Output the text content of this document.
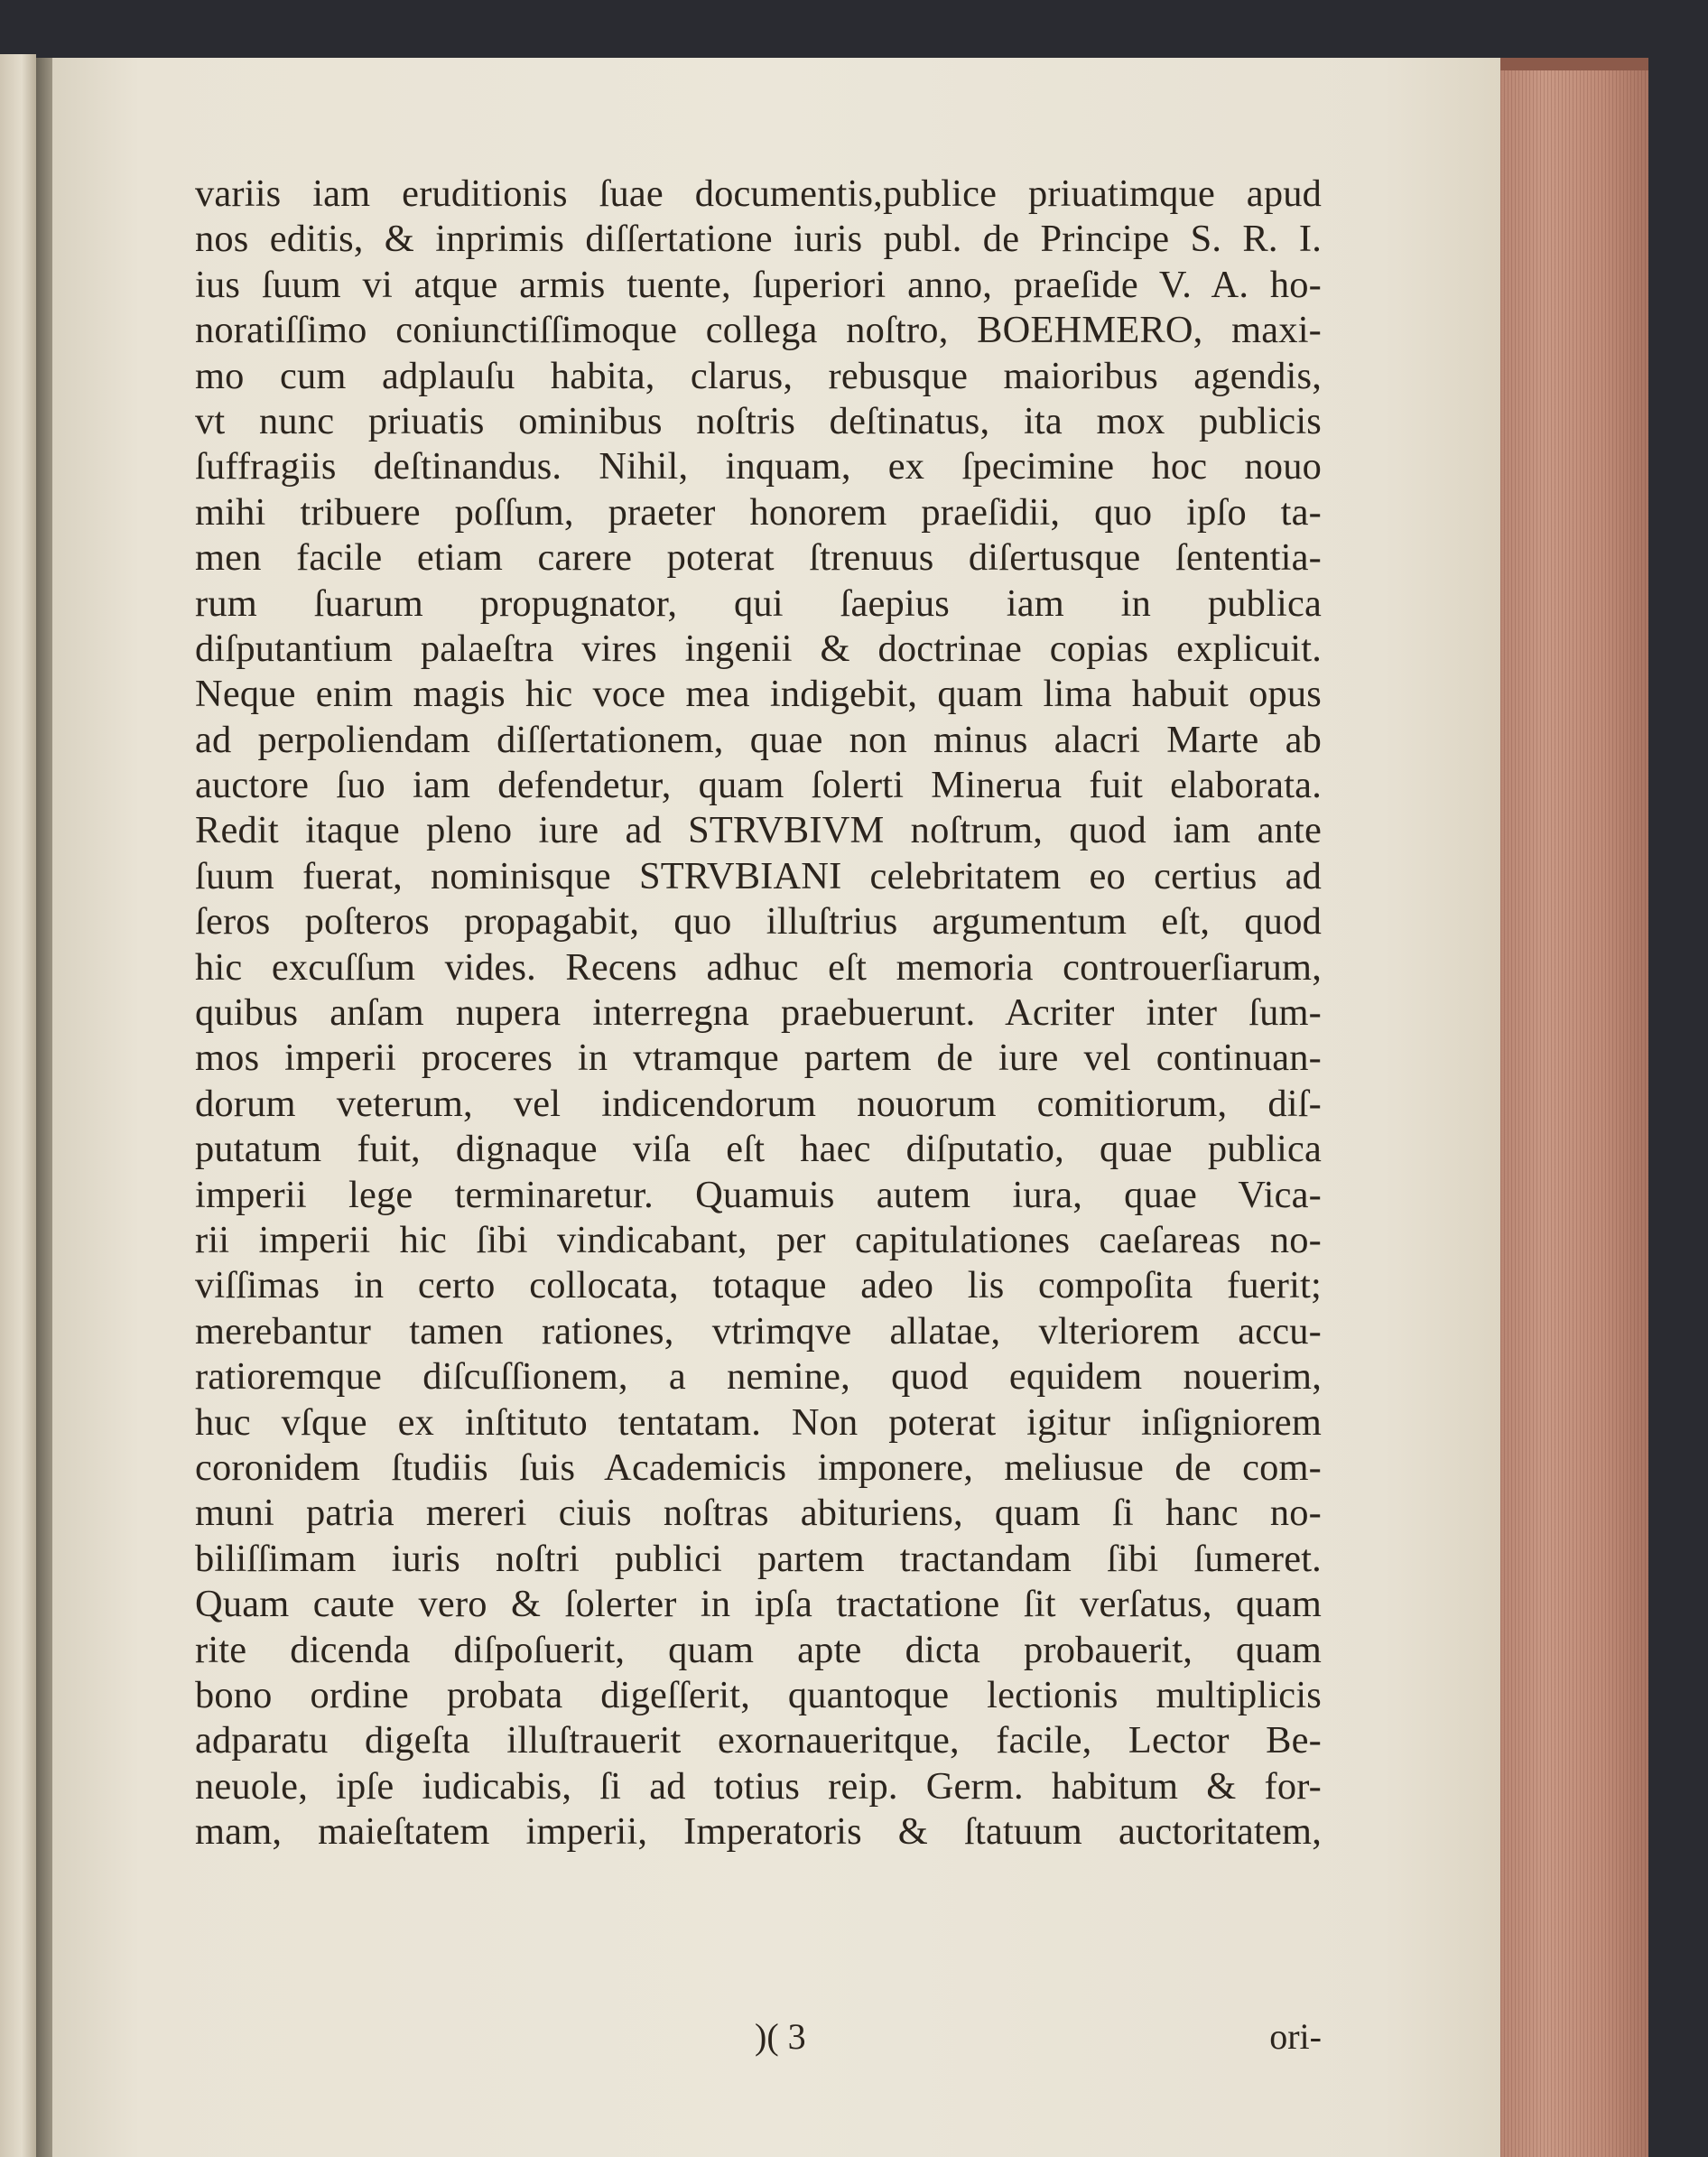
variis iam eruditionis ſuae documentis,publice priuatimque apud
nos editis, & inprimis diſſertatione iuris publ. de Principe S. R. I.
ius ſuum vi atque armis tuente, ſuperiori anno, praeſide V. A. ho-
noratiſſimo coniunctiſſimoque collega noſtro, BOEHMERO, maxi-
mo cum adplauſu habita, clarus, rebusque maioribus agendis,
vt nunc priuatis ominibus noſtris deſtinatus, ita mox publicis
ſuffragiis deſtinandus. Nihil, inquam, ex ſpecimine hoc nouo
mihi tribuere poſſum, praeter honorem praeſidii, quo ipſo ta-
men facile etiam carere poterat ſtrenuus diſertusque ſententia-
rum ſuarum propugnator, qui ſaepius iam in publica
diſputantium palaeſtra vires ingenii & doctrinae copias explicuit.
Neque enim magis hic voce mea indigebit, quam lima habuit opus
ad perpoliendam diſſertationem, quae non minus alacri Marte ab
auctore ſuo iam defendetur, quam ſolerti Minerua fuit elaborata.
Redit itaque pleno iure ad STRVBIVM noſtrum, quod iam ante
ſuum fuerat, nominisque STRVBIANI celebritatem eo certius ad
ſeros poſteros propagabit, quo illuſtrius argumentum eſt, quod
hic excuſſum vides. Recens adhuc eſt memoria controuerſiarum,
quibus anſam nupera interregna praebuerunt. Acriter inter ſum-
mos imperii proceres in vtramque partem de iure vel continuan-
dorum veterum, vel indicendorum nouorum comitiorum, diſ-
putatum fuit, dignaque viſa eſt haec diſputatio, quae publica
imperii lege terminaretur. Quamuis autem iura, quae Vica-
rii imperii hic ſibi vindicabant, per capitulationes caeſareas no-
viſſimas in certo collocata, totaque adeo lis compoſita fuerit;
merebantur tamen rationes, vtrimqve allatae, vlteriorem accu-
ratioremque diſcuſſionem, a nemine, quod equidem nouerim,
huc vſque ex inſtituto tentatam. Non poterat igitur inſigniorem
coronidem ſtudiis ſuis Academicis imponere, meliusue de com-
muni patria mereri ciuis noſtras abituriens, quam ſi hanc no-
biliſſimam iuris noſtri publici partem tractandam ſibi ſumeret.
Quam caute vero & ſolerter in ipſa tractatione ſit verſatus, quam
rite dicenda diſpoſuerit, quam apte dicta probauerit, quam
bono ordine probata digeſſerit, quantoque lectionis multiplicis
adparatu digeſta illuſtrauerit exornaueritque, facile, Lector Be-
neuole, ipſe iudicabis, ſi ad totius reip. Germ. habitum & for-
mam, maieſtatem imperii, Imperatoris & ſtatuum auctoritatem,
)( 3	ori-
